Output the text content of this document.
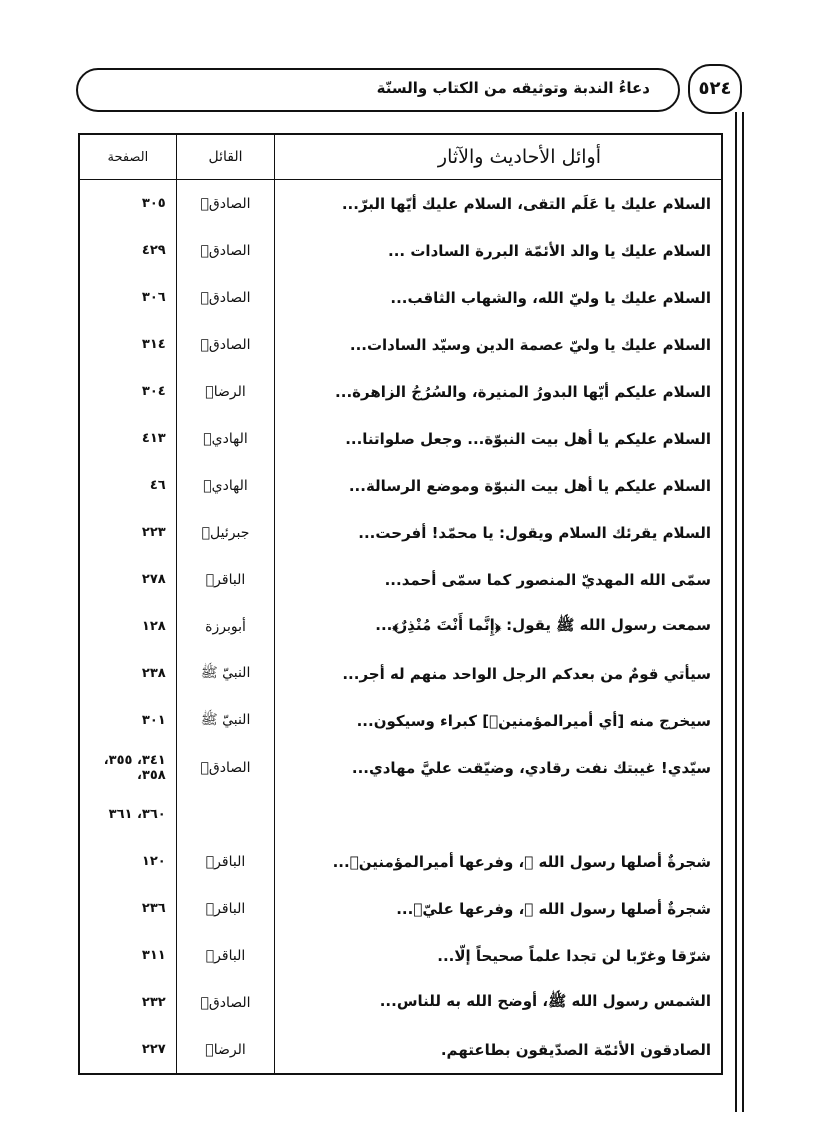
دعاءُ الندبة وتوثيقه من الكتاب والسنّة	٥٢٤
أوائل الأحاديث والآثار	القائل	الصفحة
السلام عليك يا عَلَم التقى، السلام عليك أيّها البرّ...	الصادقؑ	٣٠٥
السلام عليك يا والد الأئمّة البررة السادات ...	الصادقؑ	٤٢٩
السلام عليك يا وليّ الله، والشهاب الثاقب...	الصادقؑ	٣٠٦
السلام عليك يا وليّ عصمة الدين وسيّد السادات...	الصادقؑ	٣١٤
السلام عليكم أيّها البدورُ المنيرة، والسُرُجُ الزاهرة...	الرضاؑ	٣٠٤
السلام عليكم يا أهل بيت النبوّة... وجعل صلواتنا...	الهاديؑ	٤١٣
السلام عليكم يا أهل بيت النبوّة وموضع الرسالة...	الهاديؑ	٤٦
السلام يقرئك السلام ويقول: يا محمّد! أفرحت...	جبرئيلؑ	٢٢٣
سمّى الله المهديّ المنصور كما سمّى أحمد...	الباقرؑ	٢٧٨
سمعت رسول الله ﷺ يقول: ﴿إِنَّما أَنْتَ مُنْذِرٌ﴾...	أبوبرزة	١٢٨
سيأتي قومٌ من بعدكم الرجل الواحد منهم له أجر...	النبيّ ﷺ	٢٣٨
سيخرج منه [أي أميرالمؤمنينؑ] كبراء وسيكون...	النبيّ ﷺ	٣٠١
سيّدي! غيبتك نفت رقادي، وضيّقت عليَّ مهادي...	الصادقؑ	٣٤١، ٣٥٥، ٣٥٨،
		٣٦٠، ٣٦١
شجرةٌ أصلها رسول الله ﷺ، وفرعها أميرالمؤمنينؑ...	الباقرؑ	١٢٠
شجرةٌ أصلها رسول الله ﷺ، وفرعها عليّؑ...	الباقرؑ	٢٣٦
شرّقا وغرّبا لن تجدا علماً صحيحاً إلّا...	الباقرؑ	٣١١
الشمس رسول الله ﷺ، أوضح الله به للناس...	الصادقؑ	٢٣٢
الصادقون الأئمّة الصدّيقون بطاعتهم.	الرضاؑ	٢٢٧
